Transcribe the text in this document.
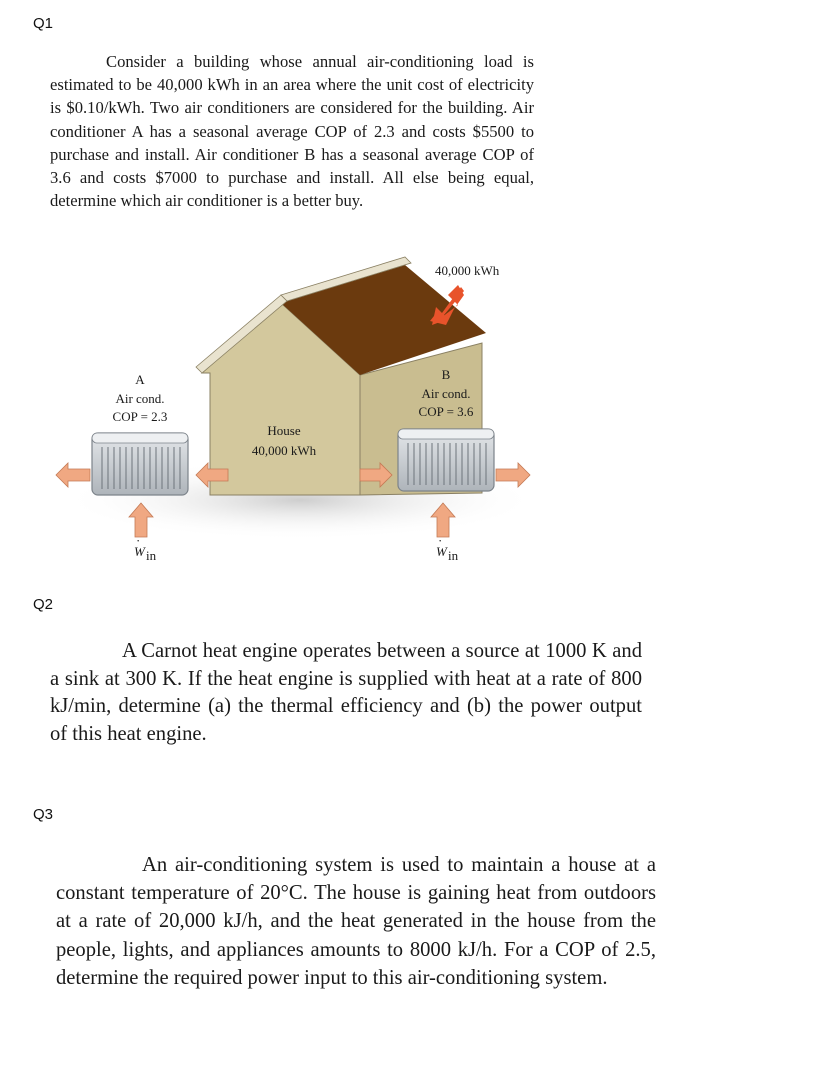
Q1
Consider a building whose annual air-conditioning load is estimated to be 40,000 kWh in an area where the unit cost of electricity is $0.10/kWh. Two air conditioners are considered for the building. Air conditioner A has a seasonal average COP of 2.3 and costs $5500 to purchase and install. Air conditioner B has a seasonal average COP of 3.6 and costs $7000 to purchase and install. All else being equal, determine which air conditioner is a better buy.
40,000 kWh
House
40,000 kWh
A
Air cond.
COP = 2.3
B
Air cond.
COP = 3.6
W in
·
W in
·
Q2
A Carnot heat engine operates between a source at 1000 K and a sink at 300 K. If the heat engine is supplied with heat at a rate of 800 kJ/min, determine (a) the thermal efficiency and (b) the power output of this heat engine.
Q3
An air-conditioning system is used to maintain a house at a constant temperature of 20°C. The house is gaining heat from outdoors at a rate of 20,000 kJ/h, and the heat generated in the house from the people, lights, and appliances amounts to 8000 kJ/h. For a COP of 2.5, determine the required power input to this air-conditioning system.
